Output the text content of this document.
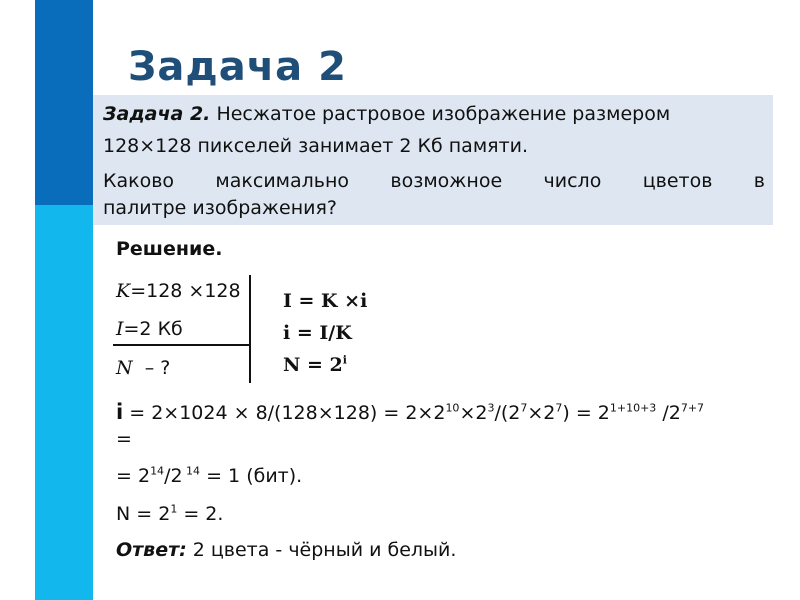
Задача 2

Задача 2. Несжатое растровое изображение размером

128×128 пикселей занимает 2 Кб памяти.

Каково максимально возможное число цветов в

палитре изображения?

Решение.
K=128 ×128
I=2 Кб
N  – ?
I = K ×i
i = I/K
$N = 2^i$
$i = 2\times 1024 \times 8/(128\times 128) = 2\times 2^{10}\times 2^3/(2^7\times 2^7) = 2^{1+10+3}$ $/2^{7+7}$
=
= $2^{14}/2$ $^{14}$ = 1 (бит).
$N = 2^1 = 2$.
Ответ: 2 цвета - чёрный и белый.
